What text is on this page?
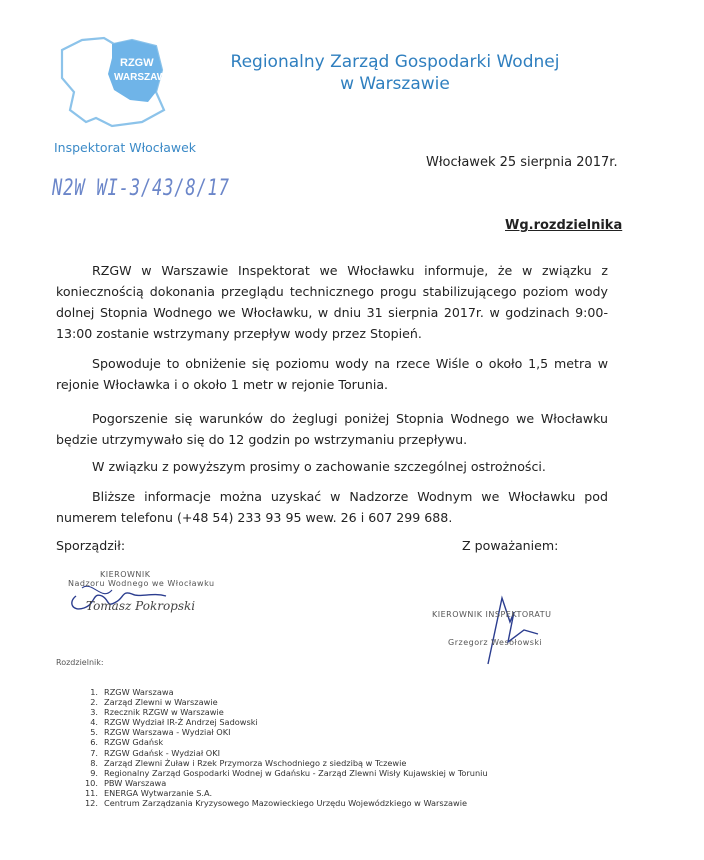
RZGW
WARSZAWA
Regionalny Zarząd Gospodarki Wodnej
w Warszawie
Inspektorat Włocławek
Włocławek 25 sierpnia 2017r.
N2W WI-3/43/8/17
Wg.rozdzielnika
RZGW w Warszawie Inspektorat we Włocławku informuje, że w związku z koniecznością dokonania przeglądu technicznego progu stabilizującego poziom wody dolnej Stopnia Wodnego we Włocławku, w dniu 31 sierpnia 2017r. w godzinach 9:00-13:00 zostanie wstrzymany przepływ wody przez Stopień.
Spowoduje to obniżenie się poziomu wody na rzece Wiśle o około 1,5 metra w rejonie Włocławka i o około 1 metr w rejonie Torunia.
Pogorszenie się warunków do żeglugi poniżej Stopnia Wodnego we Włocławku będzie utrzymywało się do 12 godzin po wstrzymaniu przepływu.
W związku z powyższym prosimy o zachowanie szczególnej ostrożności.
Bliższe informacje można uzyskać w Nadzorze Wodnym we Włocławku pod numerem telefonu (+48 54) 233 93 95 wew. 26 i 607 299 688.
Sporządził:	Z poważaniem:
KIEROWNIK
Nadzoru Wodnego we Włocławku
Tomasz Pokropski
KIEROWNIK INSPEKTORATU
Grzegorz Wesołowski
Rozdzielnik:
1. RZGW Warszawa
2. Zarząd Zlewni w Warszawie
3. Rzecznik RZGW w Warszawie
4. RZGW Wydział IR-Ż Andrzej Sadowski
5. RZGW Warszawa - Wydział OKI
6. RZGW Gdańsk
7. RZGW Gdańsk - Wydział OKI
8. Zarząd Zlewni Żuław i Rzek Przymorza Wschodniego z siedzibą w Tczewie
9. Regionalny Zarząd Gospodarki Wodnej w Gdańsku - Zarząd Zlewni Wisły Kujawskiej w Toruniu
10. PBW Warszawa
11. ENERGA Wytwarzanie S.A.
12. Centrum Zarządzania Kryzysowego Mazowieckiego Urzędu Wojewódzkiego w Warszawie
